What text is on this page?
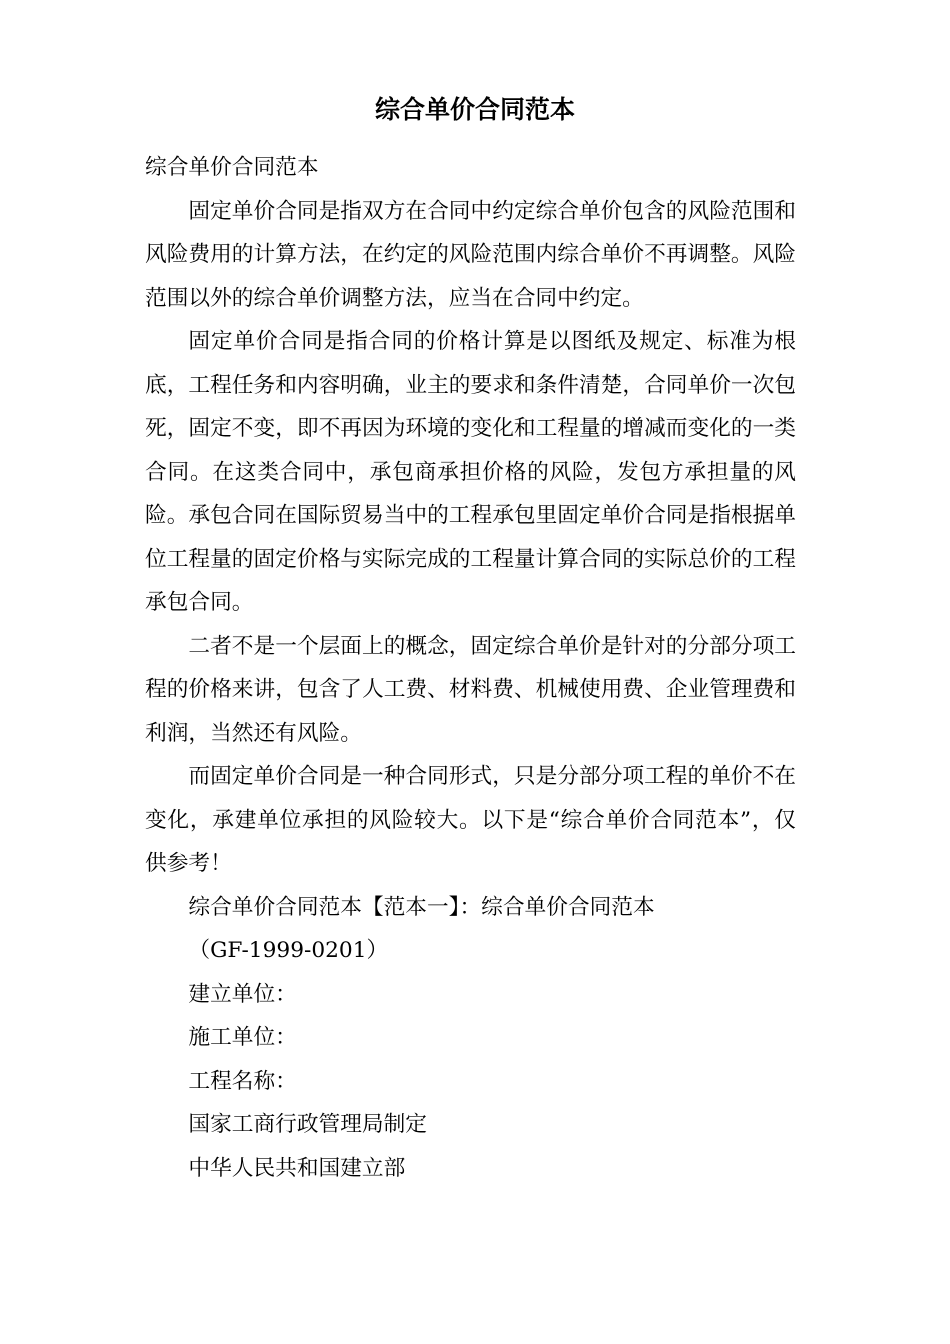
综合单价合同范本

综合单价合同范本

固定单价合同是指双方在合同中约定综合单价包含的风险范围和风险费用的计算方法，在约定的风险范围内综合单价不再调整。风险范围以外的综合单价调整方法，应当在合同中约定。

固定单价合同是指合同的价格计算是以图纸及规定、标准为根底，工程任务和内容明确，业主的要求和条件清楚，合同单价一次包死，固定不变，即不再因为环境的变化和工程量的增减而变化的一类合同。在这类合同中，承包商承担价格的风险，发包方承担量的风险。承包合同在国际贸易当中的工程承包里固定单价合同是指根据单位工程量的固定价格与实际完成的工程量计算合同的实际总价的工程承包合同。

二者不是一个层面上的概念，固定综合单价是针对的分部分项工程的价格来讲，包含了人工费、材料费、机械使用费、企业管理费和利润，当然还有风险。

而固定单价合同是一种合同形式，只是分部分项工程的单价不在变化，承建单位承担的风险较大。以下是“综合单价合同范本”，仅供参考！

综合单价合同范本【范本一】：综合单价合同范本

（GF-1999-0201）

建立单位：

施工单位：

工程名称：

国家工商行政管理局制定

中华人民共和国建立部
